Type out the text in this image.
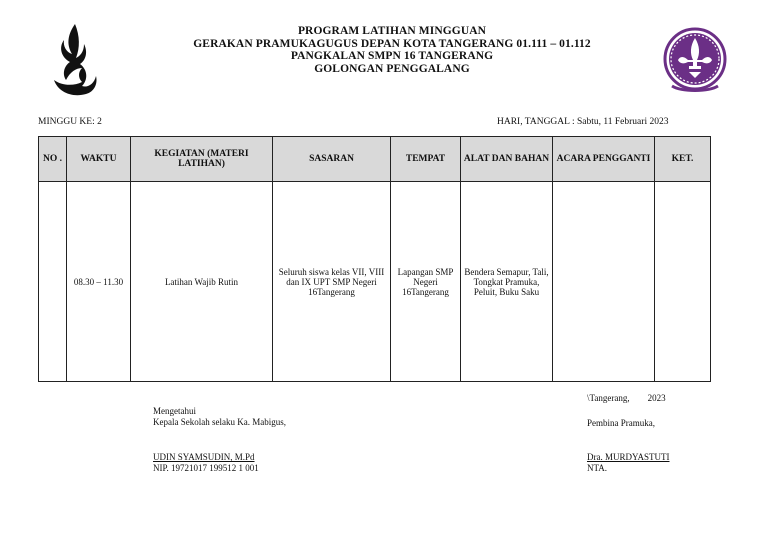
PROGRAM LATIHAN MINGGUAN
GERAKAN PRAMUKAGUGUS DEPAN KOTA TANGERANG 01.111 – 01.112
PANGKALAN SMPN 16 TANGERANG
GOLONGAN PENGGALANG
MINGGU KE: 2	HARI, TANGGAL : Sabtu, 11 Februari 2023
NO .	WAKTU	KEGIATAN (MATERI LATIHAN)	SASARAN	TEMPAT	ALAT DAN BAHAN	ACARA PENGGANTI	KET.
	08.30 – 11.30	Latihan Wajib Rutin	Seluruh siswa kelas VII, VIII dan IX UPT SMP Negeri 16Tangerang	Lapangan SMP Negeri 16Tangerang	Bendera Semapur, Tali, Tongkat Pramuka, Peluit, Buku Saku		
Mengetahui
Kepala Sekolah selaku Ka. Mabigus,
UDIN SYAMSUDIN, M.Pd
NIP. 19721017 199512 1 001
\Tangerang,        2023
Pembina Pramuka,
Dra. MURDYASTUTI
NTA.
